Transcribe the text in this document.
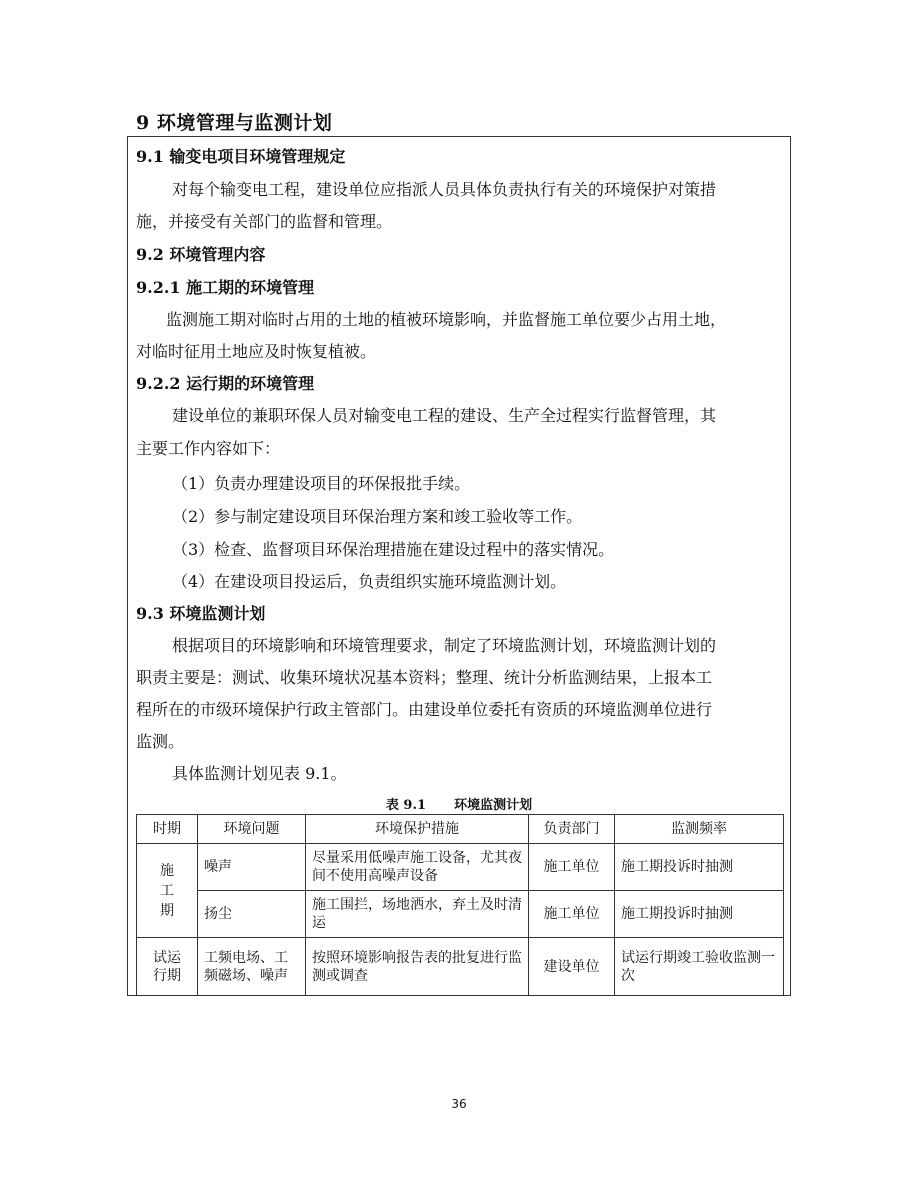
9 环境管理与监测计划
9.1 输变电项目环境管理规定
对每个输变电工程，建设单位应指派人员具体负责执行有关的环境保护对策措
施，并接受有关部门的监督和管理。
9.2 环境管理内容
9.2.1 施工期的环境管理
监测施工期对临时占用的土地的植被环境影响，并监督施工单位要少占用土地，
对临时征用土地应及时恢复植被。
9.2.2 运行期的环境管理
建设单位的兼职环保人员对输变电工程的建设、生产全过程实行监督管理，其
主要工作内容如下：
（1）负责办理建设项目的环保报批手续。
（2）参与制定建设项目环保治理方案和竣工验收等工作。
（3）检查、监督项目环保治理措施在建设过程中的落实情况。
（4）在建设项目投运后，负责组织实施环境监测计划。
9.3 环境监测计划
根据项目的环境影响和环境管理要求，制定了环境监测计划，环境监测计划的
职责主要是：测试、收集环境状况基本资料；整理、统计分析监测结果，上报本工
程所在的市级环境保护行政主管部门。由建设单位委托有资质的环境监测单位进行
监测。
具体监测计划见表 9.1。
表 9.1 环境监测计划
时期	环境问题	环境保护措施	负责部门	监测频率
施
工
期	噪声	尽量采用低噪声施工设备，尤其夜间不使用高噪声设备	施工单位	施工期投诉时抽测
	扬尘	施工围拦，场地洒水，弃土及时清运	施工单位	施工期投诉时抽测
试运
行期	工频电场、工频磁场、噪声	按照环境影响报告表的批复进行监测或调查	建设单位	试运行期竣工验收监测一次
36
